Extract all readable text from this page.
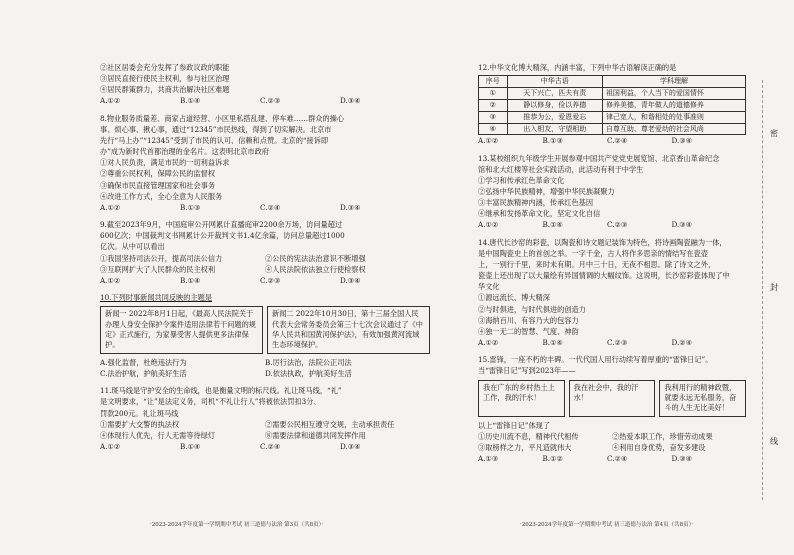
②社区居委会充分发挥了参政议政的职能
③居民直接行使民主权利，参与社区治理
④居民群策群力，共商共治解决社区难题
A.①②	B.①④	C.②③	D.③④
8.物业服务质量差、商家占道经营、小区里私搭乱建、停车难……群众的操心
事、烦心事、揪心事，通过“12345”市民热线，得到了切实解决。北京市
先行“马上办”“12345”受到了市民的认可、信赖和点赞。北京的“接诉即
办”成为新时代首都治理的金名片。这表明北京市政府
①对人民负责，满足市民的一切利益诉求
②尊重公民权利，保障公民的监督权
③确保市民直接管理国家和社会事务
④改进工作方式，全心全意为人民服务
A.①②	B.①③	C.②④	D.③④
9.截至2023年9月，中国庭审公开网累计直播庭审2200余万场，访问量超过
600亿次；中国裁判文书网累计公开裁判文书1.4亿余篇，访问总量超过1000
亿次。从中可以看出
①我国坚持司法公开，提高司法公信力	②公民的宪法法治意识不断增强
③互联网扩大了人民群众的民主权利	④人民法院依法独立行使检察权
A.①②	B.①④	C.②③	D.③④
10.下列时事新闻共同反映的主题是
新闻一 2022年8月1日起，《最高人民法院关于办理人身安全保护令案件适用法律若干问题的规定》正式施行，为家暴受害人提供更多法律保护。
新闻二 2022年10月30日，第十三届全国人民代表大会常务委员会第三十七次会议通过了《中华人民共和国黄河保护法》，有效加强黄河流域生态环境保护。
A.强化监督，杜绝违法行为	B.厉行法治，法院公正司法
C.法治护航，护航美好生活	D.依法执政，护航美好生活
11.斑马线是守护安全的生命线，也是衡量文明的标尺线。礼让斑马线，“礼”
是文明要求，“让”是法定义务，司机“不礼让行人”将被依法罚扣3分、
罚款200元。礼让斑马线
①需要扩大交警的执法权	②需要公民相互遵守交规，主动承担责任
④体现行人优先，行人无需等待绿灯	⑧需要法律和道德共同发挥作用
A.①②	B.①④	C.②④	D.③④
·2023-2024学年度第一学期期中考试 初三道德与法治 第3页（共8页）·
12.中华文化博大精深，内涵丰富，下列中华古语解读正确的是
序号	中华古语	学科理解
①	天下兴亡，匹夫有责	祖国利益，个人当下的爱国情怀
②	静以修身，俭以养德	修养美德，青年做人的道德修养
③	推恭为公，爱恩爱忘	律己宽人，和谐相处的处事准则
④	出入相友，守望相助	自尊互助、尊老爱幼的社会风尚
A.①②	B.①③	C.②④	D.③④
13.某校组织九年级学生开展参观中国共产党党史展览馆、北京香山革命纪念
馆和北大红楼等社会实践活动，此活动有利于中学生
①学习和传承红色革命文化
②弘扬中华民族精神，增强中华民族凝聚力
③丰富民族精神内涵，传承红色基因
④继承和发扬革命文化，坚定文化自信
A.①②	B.①④	C.②③	D.③④
14.唐代长沙窑的彩瓷，以陶瓷和诗文题记装饰为特色，将诗画陶瓷融为一体，
是中国陶瓷史上的首创之举。一字千金，古人将作多思亲的情结写在瓷壶
上，一别行千里，来时未有期。月中三十日，无夜不相思。除了诗文之外，
瓷壶上还出现了以大量绘有异国情调的大幅纹饰。这说明，长沙窑彩瓷体现了中
华文化
①源远流长、博大精深
②与时俱进，与时代俱进的创造力
③海纳百川、有容乃大的包容力
④独一无二的智慧、气度、神韵
A.①②	B.①④	C.②③	D.②④
15.雷锋，一座不朽的丰碑。一代代国人用行动续写着厚重的“雷锋日记”。
当“雷锋日记”写到2023年——
我在广东的乡村热土上工作，我的汗水！
我在社会中，我的汗水！
我利用行的精神政暨，就要永远无私服务，奋斗的人生无比美好！
以上“雷锋日记”体现了
①历史川流不息，精神代代相传	②热爱本职工作，珍惜劳动成果
③取榜样之力，平凡造就伟大	④利用自身优势，奋发多建设
A.①③	B.①②	C.②④	D.③④
·2023-2024学年度第一学期期中考试 初三道德与法治 第4页（共8页）·
密
封
线
